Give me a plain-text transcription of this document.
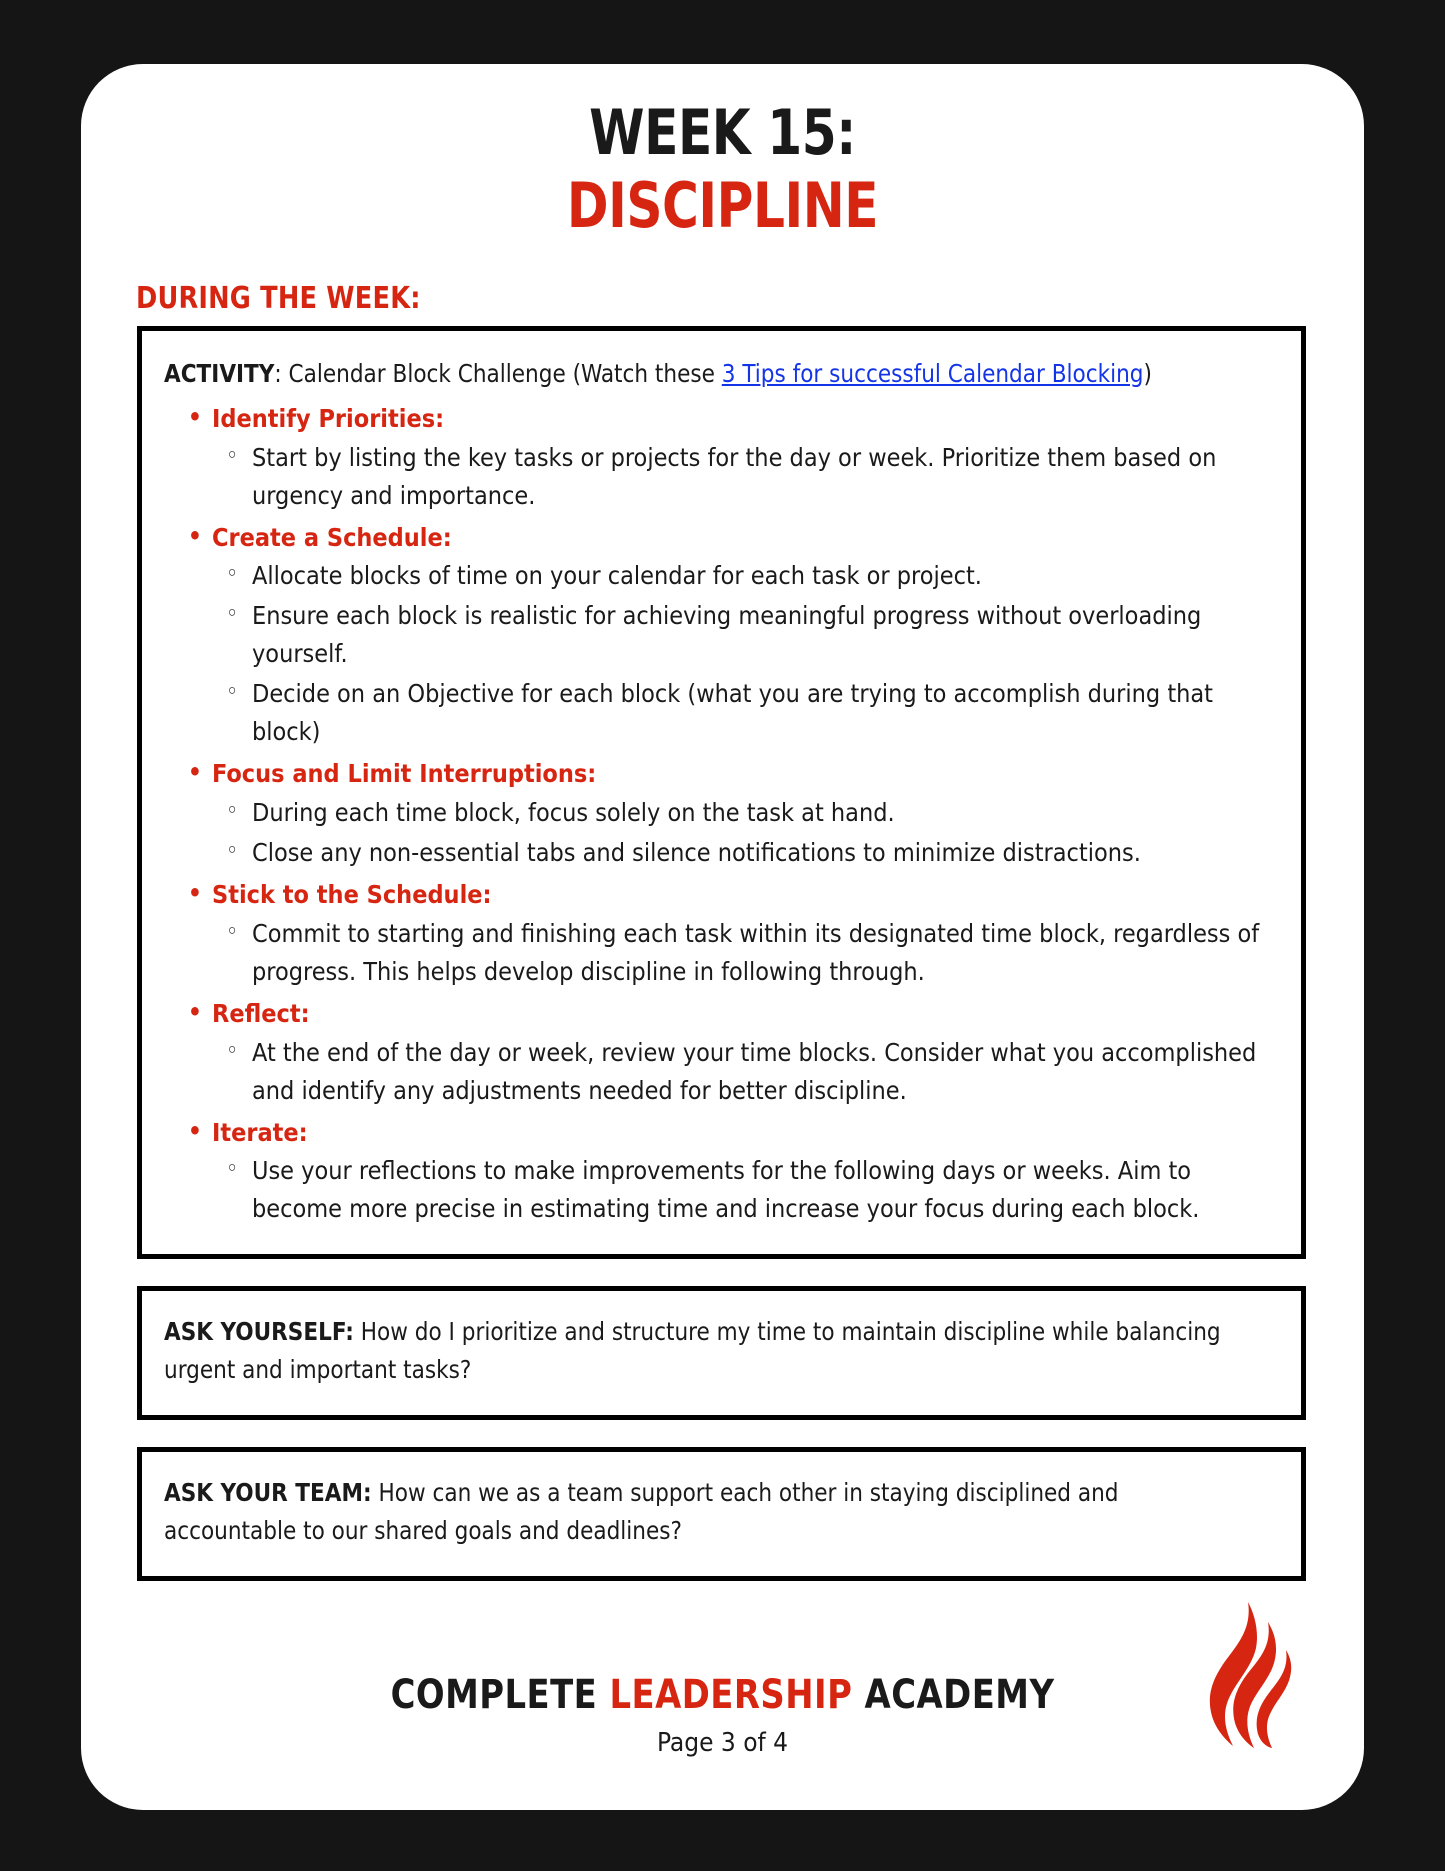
WEEK 15:
DISCIPLINE
DURING THE WEEK:
ACTIVITY: Calendar Block Challenge (Watch these 3 Tips for successful Calendar Blocking)
• Identify Priorities:
◦ Start by listing the key tasks or projects for the day or week. Prioritize them based on urgency and importance.
• Create a Schedule:
◦ Allocate blocks of time on your calendar for each task or project.
◦ Ensure each block is realistic for achieving meaningful progress without overloading yourself.
◦ Decide on an Objective for each block (what you are trying to accomplish during that block)
• Focus and Limit Interruptions:
◦ During each time block, focus solely on the task at hand.
◦ Close any non-essential tabs and silence notifications to minimize distractions.
• Stick to the Schedule:
◦ Commit to starting and finishing each task within its designated time block, regardless of progress. This helps develop discipline in following through.
• Reflect:
◦ At the end of the day or week, review your time blocks. Consider what you accomplished and identify any adjustments needed for better discipline.
• Iterate:
◦ Use your reflections to make improvements for the following days or weeks. Aim to become more precise in estimating time and increase your focus during each block.
ASK YOURSELF: How do I prioritize and structure my time to maintain discipline while balancing urgent and important tasks?
ASK YOUR TEAM: How can we as a team support each other in staying disciplined and accountable to our shared goals and deadlines?
COMPLETE LEADERSHIP ACADEMY
Page 3 of 4
